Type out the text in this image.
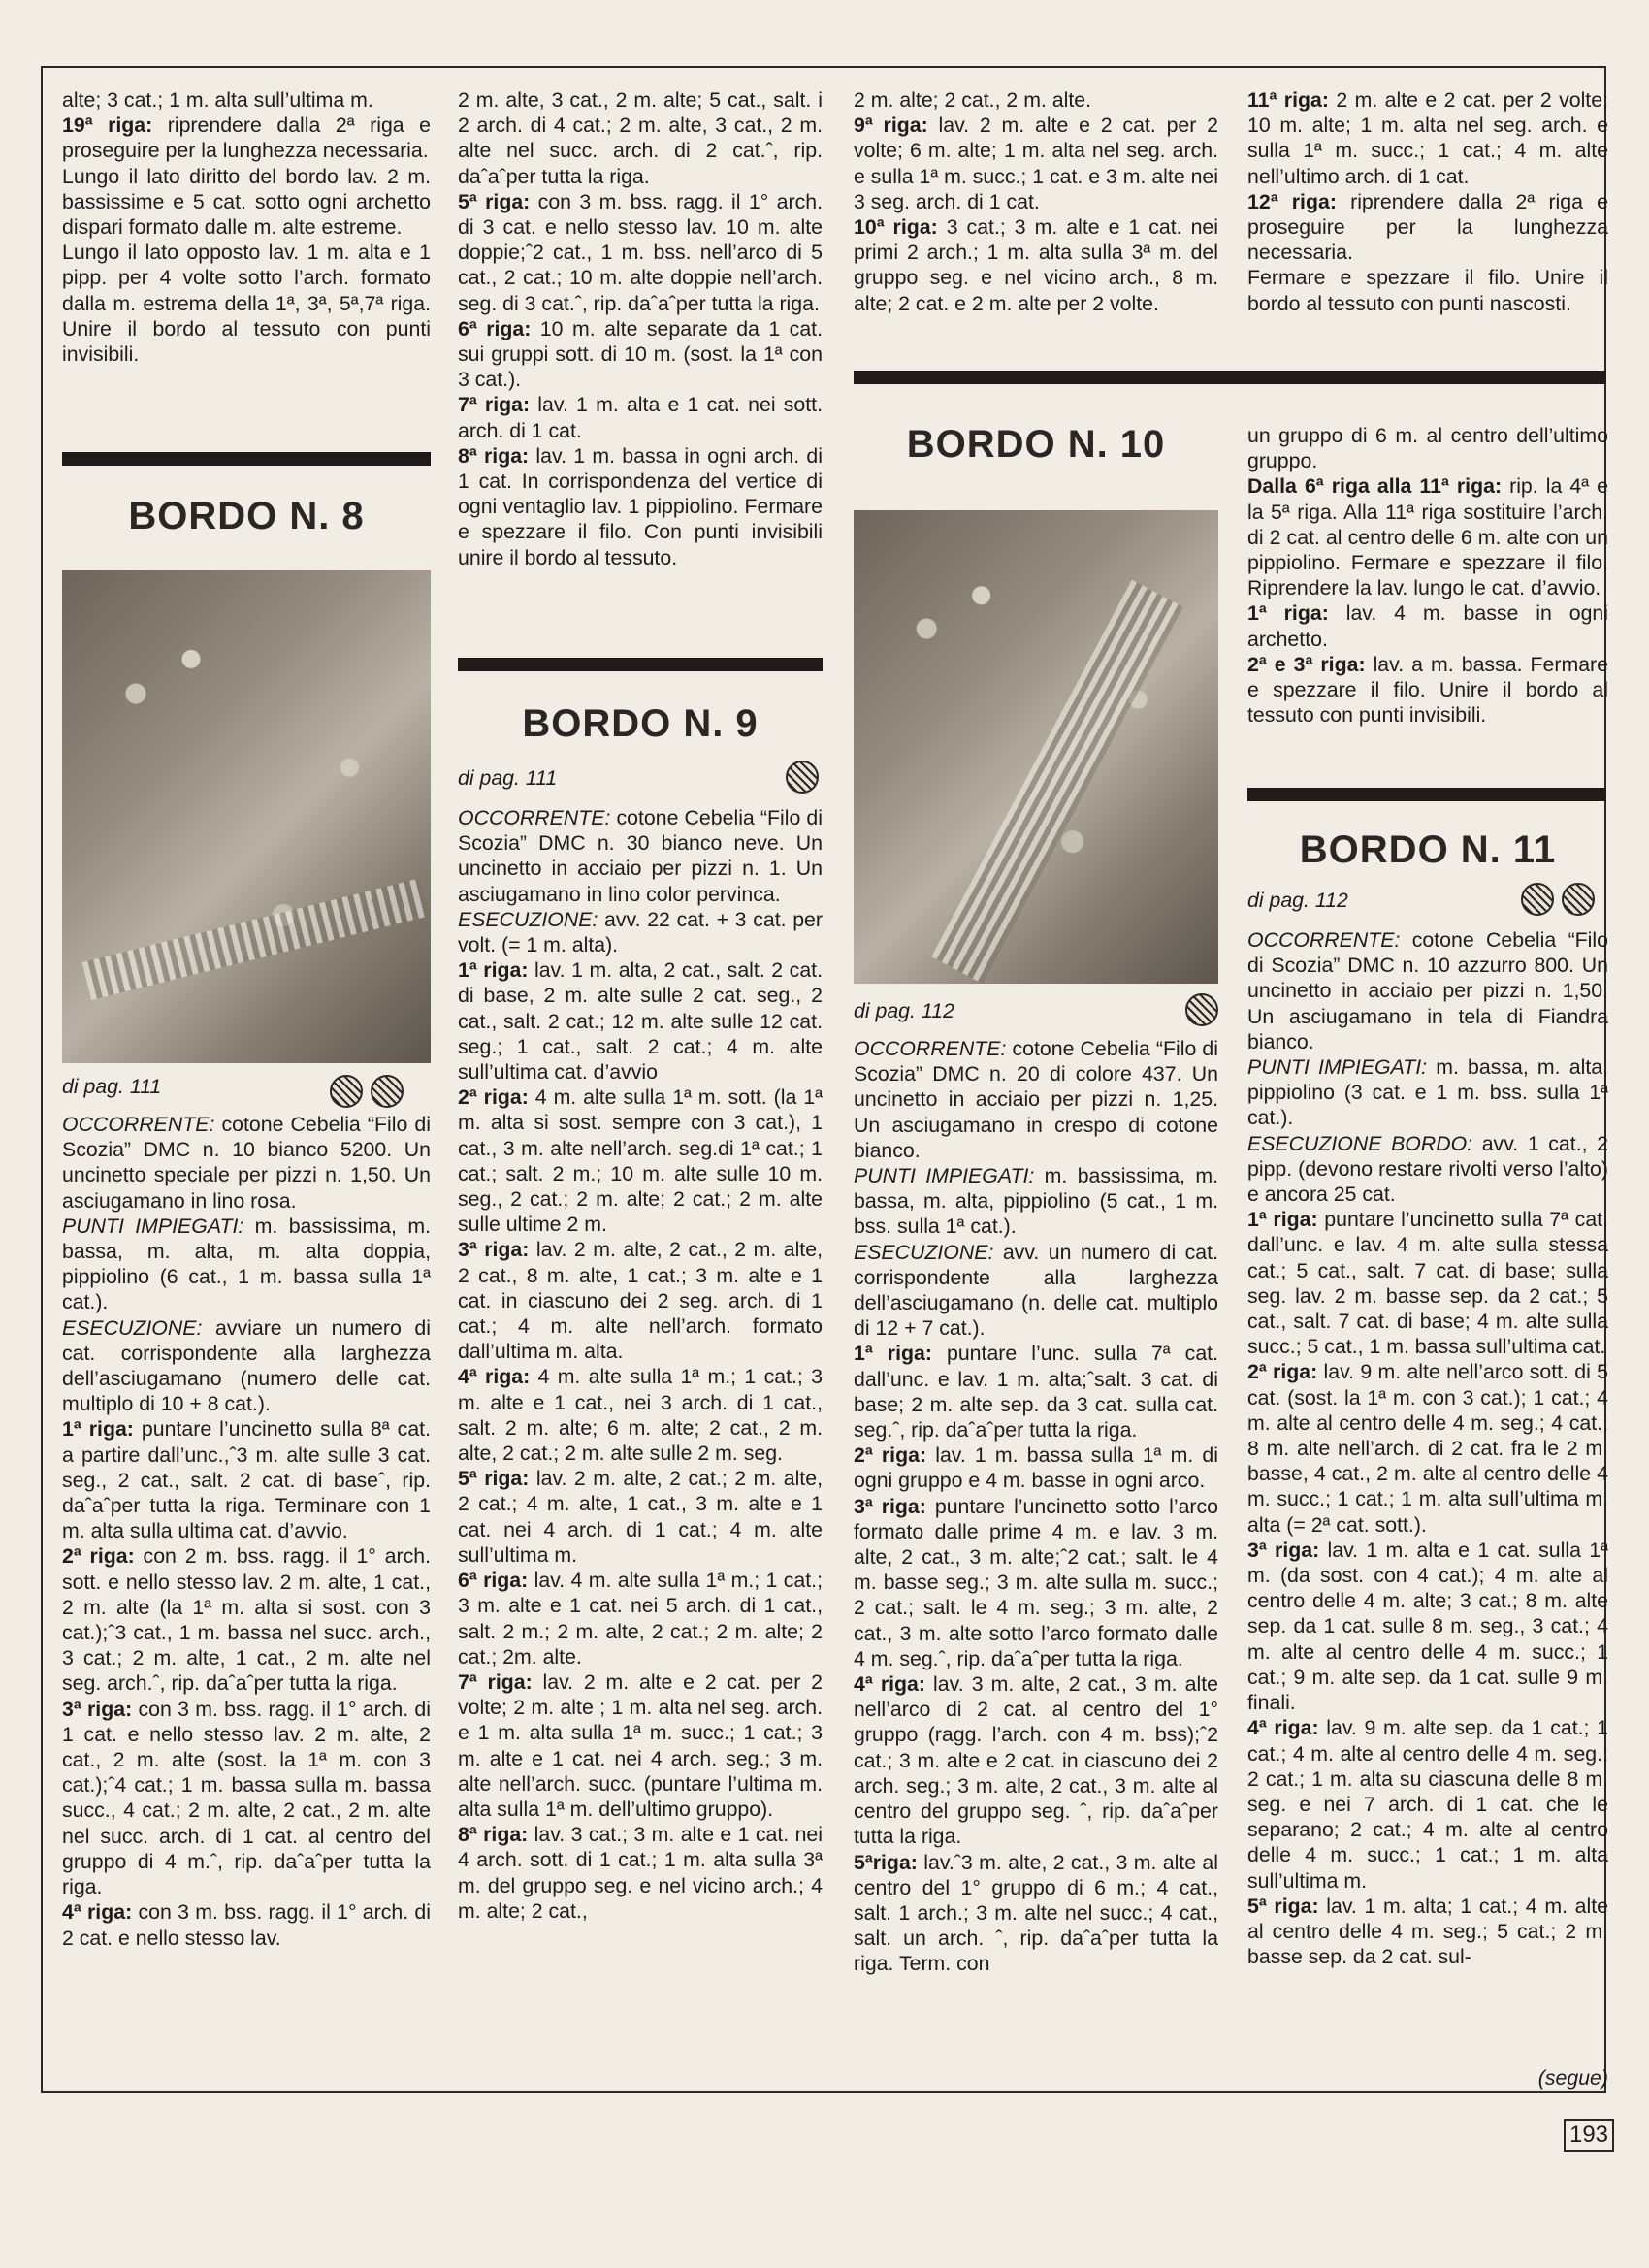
alte; 3 cat.; 1 m. alta sull’ultima m.

19ª riga: riprendere dalla 2ª riga e proseguire per la lunghezza necessaria.

Lungo il lato diritto del bordo lav. 2 m. bassissime e 5 cat. sotto ogni archetto dispari formato dalle m. alte estreme.

Lungo il lato opposto lav. 1 m. alta e 1 pipp. per 4 volte sotto l’arch. formato dalla m. estrema della 1ª, 3ª, 5ª,7ª riga. Unire il bordo al tessuto con punti invisibili.

BORDO N. 8
di pag. 111

OCCORRENTE: cotone Cebelia “Filo di Scozia” DMC n. 10 bianco 5200. Un uncinetto speciale per pizzi n. 1,50. Un asciugamano in lino rosa.

PUNTI IMPIEGATI: m. bassissima, m. bassa, m. alta, m. alta doppia, pippiolino (6 cat., 1 m. bassa sulla 1ª cat.).

ESECUZIONE: avviare un numero di cat. corrispondente alla larghezza dell’asciugamano (numero delle cat. multiplo di 10 + 8 cat.).

1ª riga: puntare l’uncinetto sulla 8ª cat. a partire dall’unc.,ˆ3 m. alte sulle 3 cat. seg., 2 cat., salt. 2 cat. di baseˆ, rip. daˆaˆper tutta la riga. Terminare con 1 m. alta sulla ultima cat. d’avvio.

2ª riga: con 2 m. bss. ragg. il 1° arch. sott. e nello stesso lav. 2 m. alte, 1 cat., 2 m. alte (la 1ª m. alta si sost. con 3 cat.);ˆ3 cat., 1 m. bassa nel succ. arch., 3 cat.; 2 m. alte, 1 cat., 2 m. alte nel seg. arch.ˆ, rip. daˆaˆper tutta la riga.

3ª riga: con 3 m. bss. ragg. il 1° arch. di 1 cat. e nello stesso lav. 2 m. alte, 2 cat., 2 m. alte (sost. la 1ª m. con 3 cat.);ˆ4 cat.; 1 m. bassa sulla m. bassa succ., 4 cat.; 2 m. alte, 2 cat., 2 m. alte nel succ. arch. di 1 cat. al centro del gruppo di 4 m.ˆ, rip. daˆaˆper tutta la riga.

4ª riga: con 3 m. bss. ragg. il 1° arch. di 2 cat. e nello stesso lav.

2 m. alte, 3 cat., 2 m. alte; 5 cat., salt. i 2 arch. di 4 cat.; 2 m. alte, 3 cat., 2 m. alte nel succ. arch. di 2 cat.ˆ, rip. daˆaˆper tutta la riga.

5ª riga: con 3 m. bss. ragg. il 1° arch. di 3 cat. e nello stesso lav. 10 m. alte doppie;ˆ2 cat., 1 m. bss. nell’arco di 5 cat., 2 cat.; 10 m. alte doppie nell’arch. seg. di 3 cat.ˆ, rip. daˆaˆper tutta la riga.

6ª riga: 10 m. alte separate da 1 cat. sui gruppi sott. di 10 m. (sost. la 1ª con 3 cat.).

7ª riga: lav. 1 m. alta e 1 cat. nei sott. arch. di 1 cat.

8ª riga: lav. 1 m. bassa in ogni arch. di 1 cat. In corrispondenza del vertice di ogni ventaglio lav. 1 pippiolino. Fermare e spezzare il filo. Con punti invisibili unire il bordo al tessuto.

BORDO N. 9
di pag. 111

OCCORRENTE: cotone Cebelia “Filo di Scozia” DMC n. 30 bianco neve. Un uncinetto in acciaio per pizzi n. 1. Un asciugamano in lino color pervinca.

ESECUZIONE: avv. 22 cat. + 3 cat. per volt. (= 1 m. alta).

1ª riga: lav. 1 m. alta, 2 cat., salt. 2 cat. di base, 2 m. alte sulle 2 cat. seg., 2 cat., salt. 2 cat.; 12 m. alte sulle 12 cat. seg.; 1 cat., salt. 2 cat.; 4 m. alte sull’ultima cat. d’avvio

2ª riga: 4 m. alte sulla 1ª m. sott. (la 1ª m. alta si sost. sempre con 3 cat.), 1 cat., 3 m. alte nell’arch. seg.di 1ª cat.; 1 cat.; salt. 2 m.; 10 m. alte sulle 10 m. seg., 2 cat.; 2 m. alte; 2 cat.; 2 m. alte sulle ultime 2 m.

3ª riga: lav. 2 m. alte, 2 cat., 2 m. alte, 2 cat., 8 m. alte, 1 cat.; 3 m. alte e 1 cat. in ciascuno dei 2 seg. arch. di 1 cat.; 4 m. alte nell’arch. formato dall’ultima m. alta.

4ª riga: 4 m. alte sulla 1ª m.; 1 cat.; 3 m. alte e 1 cat., nei 3 arch. di 1 cat., salt. 2 m. alte; 6 m. alte; 2 cat., 2 m. alte, 2 cat.; 2 m. alte sulle 2 m. seg.

5ª riga: lav. 2 m. alte, 2 cat.; 2 m. alte, 2 cat.; 4 m. alte, 1 cat., 3 m. alte e 1 cat. nei 4 arch. di 1 cat.; 4 m. alte sull’ultima m.

6ª riga: lav. 4 m. alte sulla 1ª m.; 1 cat.; 3 m. alte e 1 cat. nei 5 arch. di 1 cat., salt. 2 m.; 2 m. alte, 2 cat.; 2 m. alte; 2 cat.; 2m. alte.

7ª riga: lav. 2 m. alte e 2 cat. per 2 volte; 2 m. alte ; 1 m. alta nel seg. arch. e 1 m. alta sulla 1ª m. succ.; 1 cat.; 3 m. alte e 1 cat. nei 4 arch. seg.; 3 m. alte nell’arch. succ. (puntare l’ultima m. alta sulla 1ª m. dell’ultimo gruppo).

8ª riga: lav. 3 cat.; 3 m. alte e 1 cat. nei 4 arch. sott. di 1 cat.; 1 m. alta sulla 3ª m. del gruppo seg. e nel vicino arch.; 4 m. alte; 2 cat.,

2 m. alte; 2 cat., 2 m. alte.

9ª riga: lav. 2 m. alte e 2 cat. per 2 volte; 6 m. alte; 1 m. alta nel seg. arch. e sulla 1ª m. succ.; 1 cat. e 3 m. alte nei 3 seg. arch. di 1 cat.

10ª riga: 3 cat.; 3 m. alte e 1 cat. nei primi 2 arch.; 1 m. alta sulla 3ª m. del gruppo seg. e nel vicino arch., 8 m. alte; 2 cat. e 2 m. alte per 2 volte.

BORDO N. 10
di pag. 112

OCCORRENTE: cotone Cebelia “Filo di Scozia” DMC n. 20 di colore 437. Un uncinetto in acciaio per pizzi n. 1,25. Un asciugamano in crespo di cotone bianco.

PUNTI IMPIEGATI: m. bassissima, m. bassa, m. alta, pippiolino (5 cat., 1 m. bss. sulla 1ª cat.).

ESECUZIONE: avv. un numero di cat. corrispondente alla larghezza dell’asciugamano (n. delle cat. multiplo di 12 + 7 cat.).

1ª riga: puntare l’unc. sulla 7ª cat. dall’unc. e lav. 1 m. alta;ˆsalt. 3 cat. di base; 2 m. alte sep. da 3 cat. sulla cat. seg.ˆ, rip. daˆaˆper tutta la riga.

2ª riga: lav. 1 m. bassa sulla 1ª m. di ogni gruppo e 4 m. basse in ogni arco.

3ª riga: puntare l’uncinetto sotto l’arco formato dalle prime 4 m. e lav. 3 m. alte, 2 cat., 3 m. alte;ˆ2 cat.; salt. le 4 m. basse seg.; 3 m. alte sulla m. succ.; 2 cat.; salt. le 4 m. seg.; 3 m. alte, 2 cat., 3 m. alte sotto l’arco formato dalle 4 m. seg.ˆ, rip. daˆaˆper tutta la riga.

4ª riga: lav. 3 m. alte, 2 cat., 3 m. alte nell’arco di 2 cat. al centro del 1° gruppo (ragg. l’arch. con 4 m. bss);ˆ2 cat.; 3 m. alte e 2 cat. in ciascuno dei 2 arch. seg.; 3 m. alte, 2 cat., 3 m. alte al centro del gruppo seg. ˆ, rip. daˆaˆper tutta la riga.

5ªriga: lav.ˆ3 m. alte, 2 cat., 3 m. alte al centro del 1° gruppo di 6 m.; 4 cat., salt. 1 arch.; 3 m. alte nel succ.; 4 cat., salt. un arch. ˆ, rip. daˆaˆper tutta la riga. Term. con

11ª riga: 2 m. alte e 2 cat. per 2 volte; 10 m. alte; 1 m. alta nel seg. arch. e sulla 1ª m. succ.; 1 cat.; 4 m. alte nell’ultimo arch. di 1 cat.

12ª riga: riprendere dalla 2ª riga e proseguire per la lunghezza necessaria.

Fermare e spezzare il filo. Unire il bordo al tessuto con punti nascosti.

un gruppo di 6 m. al centro dell’ultimo gruppo.

Dalla 6ª riga alla 11ª riga: rip. la 4ª e la 5ª riga. Alla 11ª riga sostituire l’arch. di 2 cat. al centro delle 6 m. alte con un pippiolino. Fermare e spezzare il filo. Riprendere la lav. lungo le cat. d’avvio.

1ª riga: lav. 4 m. basse in ogni archetto.

2ª e 3ª riga: lav. a m. bassa. Fermare e spezzare il filo. Unire il bordo al tessuto con punti invisibili.

BORDO N. 11
di pag. 112

OCCORRENTE: cotone Cebelia “Filo di Scozia” DMC n. 10 azzurro 800. Un uncinetto in acciaio per pizzi n. 1,50. Un asciugamano in tela di Fiandra bianco.

PUNTI IMPIEGATI: m. bassa, m. alta, pippiolino (3 cat. e 1 m. bss. sulla 1ª cat.).

ESECUZIONE BORDO: avv. 1 cat., 2 pipp. (devono restare rivolti verso l’alto) e ancora 25 cat.

1ª riga: puntare l’uncinetto sulla 7ª cat. dall’unc. e lav. 4 m. alte sulla stessa cat.; 5 cat., salt. 7 cat. di base; sulla seg. lav. 2 m. basse sep. da 2 cat.; 5 cat., salt. 7 cat. di base; 4 m. alte sulla succ.; 5 cat., 1 m. bassa sull’ultima cat.

2ª riga: lav. 9 m. alte nell’arco sott. di 5 cat. (sost. la 1ª m. con 3 cat.); 1 cat.; 4 m. alte al centro delle 4 m. seg.; 4 cat.; 8 m. alte nell’arch. di 2 cat. fra le 2 m. basse, 4 cat., 2 m. alte al centro delle 4 m. succ.; 1 cat.; 1 m. alta sull’ultima m. alta (= 2ª cat. sott.).

3ª riga: lav. 1 m. alta e 1 cat. sulla 1ª m. (da sost. con 4 cat.); 4 m. alte al centro delle 4 m. alte; 3 cat.; 8 m. alte sep. da 1 cat. sulle 8 m. seg., 3 cat.; 4 m. alte al centro delle 4 m. succ.; 1 cat.; 9 m. alte sep. da 1 cat. sulle 9 m. finali.

4ª riga: lav. 9 m. alte sep. da 1 cat.; 1 cat.; 4 m. alte al centro delle 4 m. seg.; 2 cat.; 1 m. alta su ciascuna delle 8 m. seg. e nei 7 arch. di 1 cat. che le separano; 2 cat.; 4 m. alte al centro delle 4 m. succ.; 1 cat.; 1 m. alta sull’ultima m.

5ª riga: lav. 1 m. alta; 1 cat.; 4 m. alte al centro delle 4 m. seg.; 5 cat.; 2 m. basse sep. da 2 cat. sul-

(segue)
193
